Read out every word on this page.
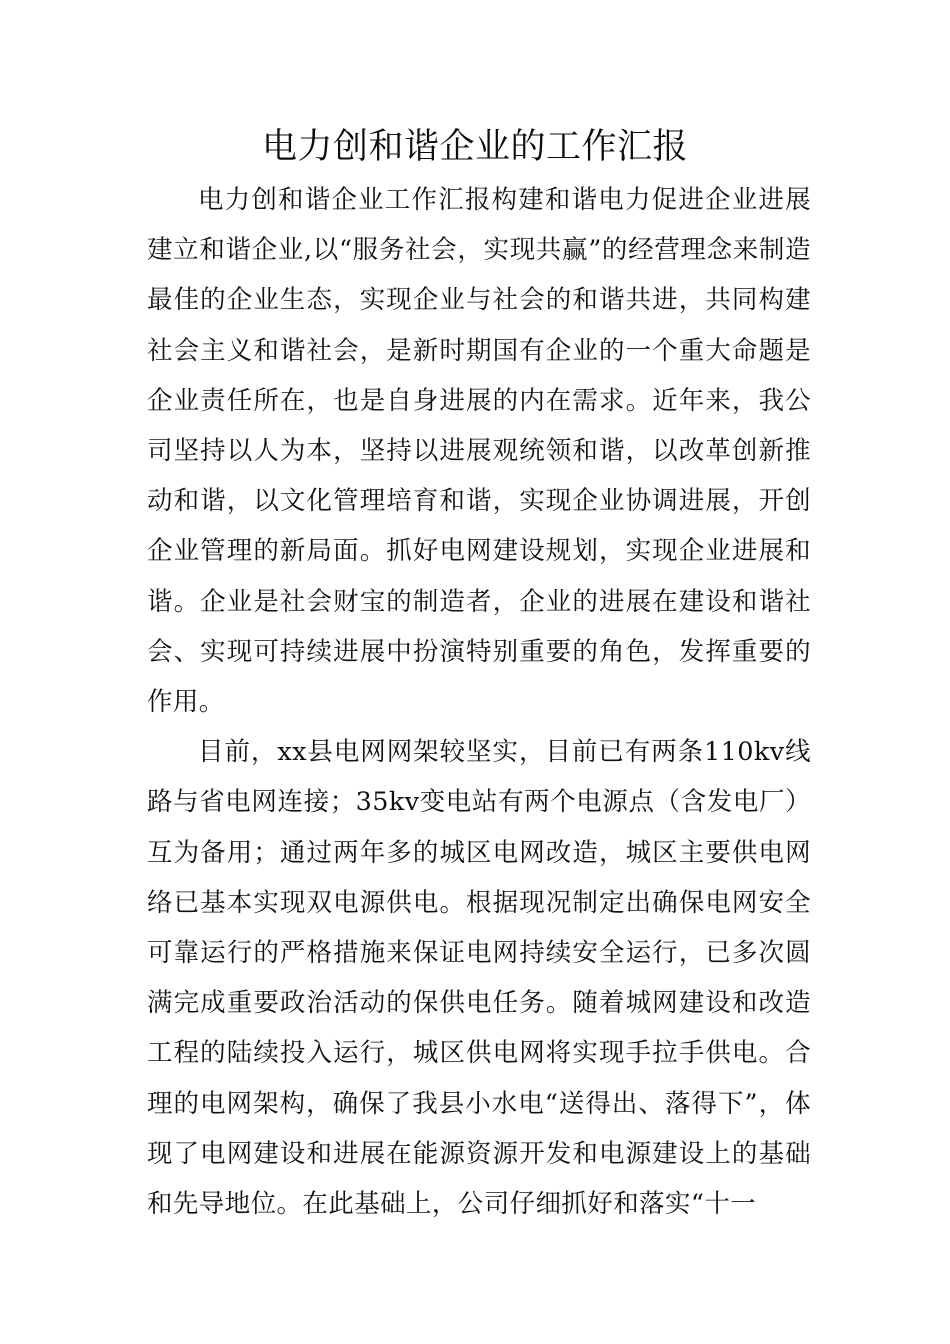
电力创和谐企业的工作汇报

电力创和谐企业工作汇报构建和谐电力促进企业进展建立和谐企业,以“服务社会，实现共赢”的经营理念来制造最佳的企业生态，实现企业与社会的和谐共进，共同构建社会主义和谐社会，是新时期国有企业的一个重大命题是企业责任所在，也是自身进展的内在需求。近年来，我公司坚持以人为本，坚持以进展观统领和谐，以改革创新推动和谐，以文化管理培育和谐，实现企业协调进展，开创企业管理的新局面。抓好电网建设规划，实现企业进展和谐。企业是社会财宝的制造者，企业的进展在建设和谐社会、实现可持续进展中扮演特别重要的角色，发挥重要的作用。

目前，xx县电网网架较坚实，目前已有两条110kv线路与省电网连接；35kv变电站有两个电源点（含发电厂）互为备用；通过两年多的城区电网改造，城区主要供电网络已基本实现双电源供电。根据现况制定出确保电网安全可靠运行的严格措施来保证电网持续安全运行，已多次圆满完成重要政治活动的保供电任务。随着城网建设和改造工程的陆续投入运行，城区供电网将实现手拉手供电。合理的电网架构，确保了我县小水电“送得出、落得下”，体现了电网建设和进展在能源资源开发和电源建设上的基础和先导地位。在此基础上，公司仔细抓好和落实“十一
